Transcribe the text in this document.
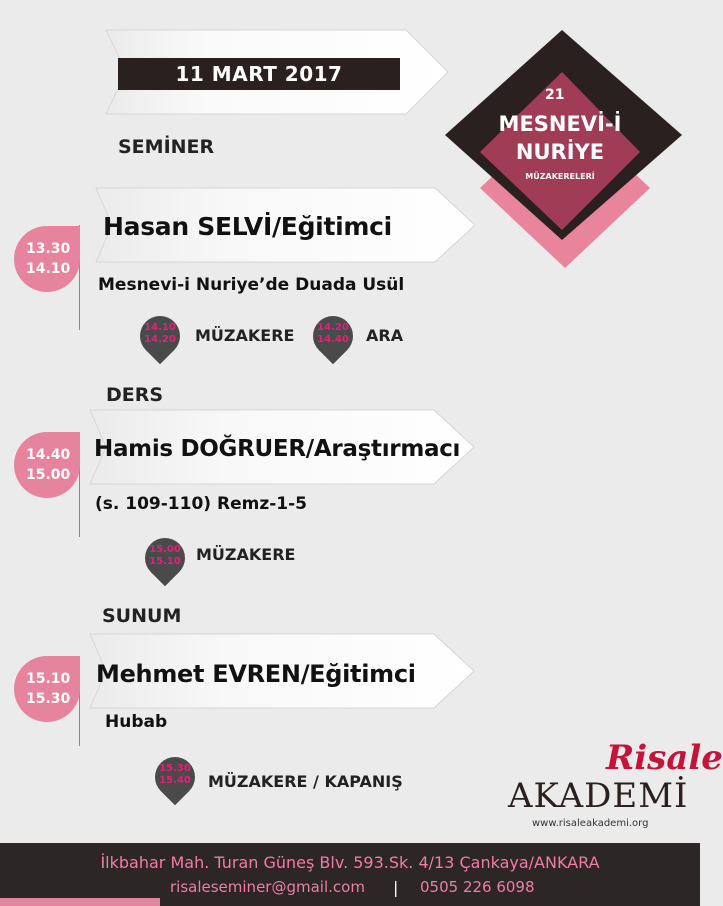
11 MART 2017
21
MESNEVİ-İ
NURİYE
MÜZAKERELERİ
SEMİNER
Hasan SELVİ/Eğitimci
13.30
14.10
Mesnevi-i Nuriye’de Duada Usül
14.10
14.20	MÜZAKERE	14.20
14.40	ARA
DERS
Hamis DOĞRUER/Araştırmacı
14.40
15.00
(s. 109-110) Remz-1-5
15.00
15.10 MÜZAKERE
SUNUM
Mehmet EVREN/Eğitimci
15.10
15.30
Hubab
15.30
15.40	MÜZAKERE / KAPANIŞ
Risale
AKADEMİ
www.risaleakademi.org
İlkbahar Mah. Turan Güneş Blv. 593.Sk. 4/13 Çankaya/ANKARA
risaleseminer@gmail.com | 0505 226 6098
